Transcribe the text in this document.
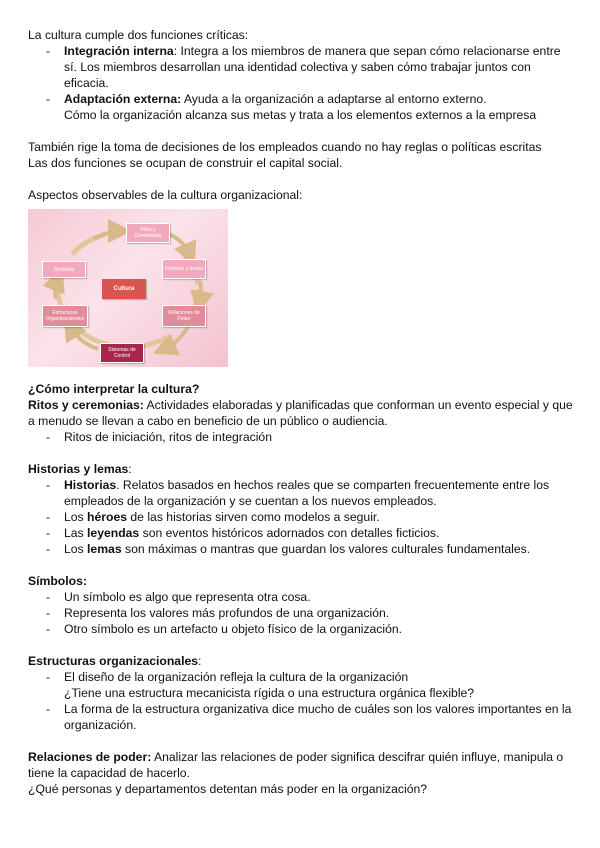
La cultura cumple dos funciones críticas:

- Integración interna: Integra a los miembros de manera que sepan cómo relacionarse entre sí. Los miembros desarrollan una identidad colectiva y saben cómo trabajar juntos con eficacia.
- Adaptación externa: Ayuda a la organización a adaptarse al entorno externo.
Cómo la organización alcanza sus metas y trata a los elementos externos a la empresa

También rige la toma de decisiones de los empleados cuando no hay reglas o políticas escritas

Las dos funciones se ocupan de construir el capital social.

Aspectos observables de la cultura organizacional:

Ritos y Ceremonias
Símbolos	Historias y lemas
Cultura
Estructuras Organizacionales
Relaciones de Poder
Sistemas de Control

¿Cómo interpretar la cultura?

Ritos y ceremonias: Actividades elaboradas y planificadas que conforman un evento especial y que a menudo se llevan a cabo en beneficio de un público o audiencia.

- Ritos de iniciación, ritos de integración

Historias y lemas:

- Historias. Relatos basados en hechos reales que se comparten frecuentemente entre los empleados de la organización y se cuentan a los nuevos empleados.
- Los héroes de las historias sirven como modelos a seguir.
- Las leyendas son eventos históricos adornados con detalles ficticios.
- Los lemas son máximas o mantras que guardan los valores culturales fundamentales.

Símbolos:

- Un símbolo es algo que representa otra cosa.
- Representa los valores más profundos de una organización.
- Otro símbolo es un artefacto u objeto físico de la organización.

Estructuras organizacionales:

- El diseño de la organización refleja la cultura de la organización
¿Tiene una estructura mecanicista rígida o una estructura orgánica flexible?
- La forma de la estructura organizativa dice mucho de cuáles son los valores importantes en la organización.

Relaciones de poder: Analizar las relaciones de poder significa descifrar quién influye, manipula o tiene la capacidad de hacerlo.

¿Qué personas y departamentos detentan más poder en la organización?
